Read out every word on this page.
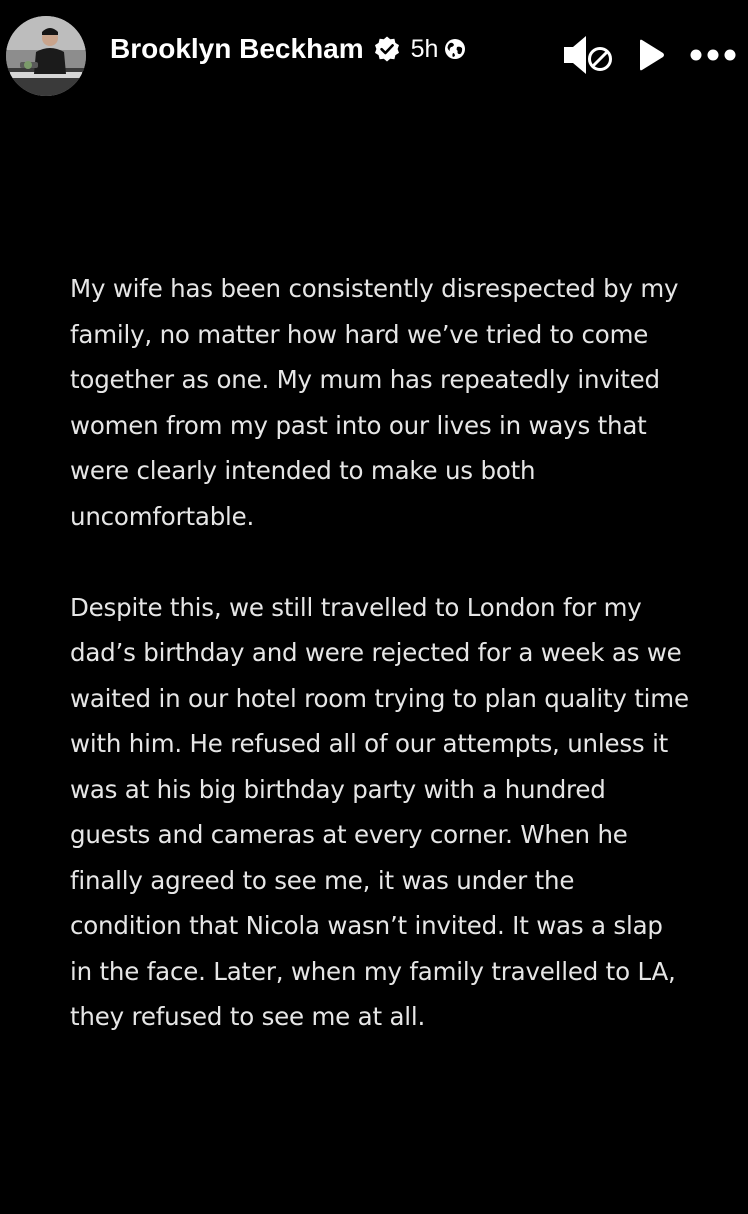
Brooklyn Beckham 5h

My wife has been consistently disrespected by my family, no matter how hard we’ve tried to come together as one. My mum has repeatedly invited women from my past into our lives in ways that were clearly intended to make us both uncomfortable.

Despite this, we still travelled to London for my dad’s birthday and were rejected for a week as we waited in our hotel room trying to plan quality time with him. He refused all of our attempts, unless it was at his big birthday party with a hundred guests and cameras at every corner. When he finally agreed to see me, it was under the condition that Nicola wasn’t invited. It was a slap in the face. Later, when my family travelled to LA, they refused to see me at all.
